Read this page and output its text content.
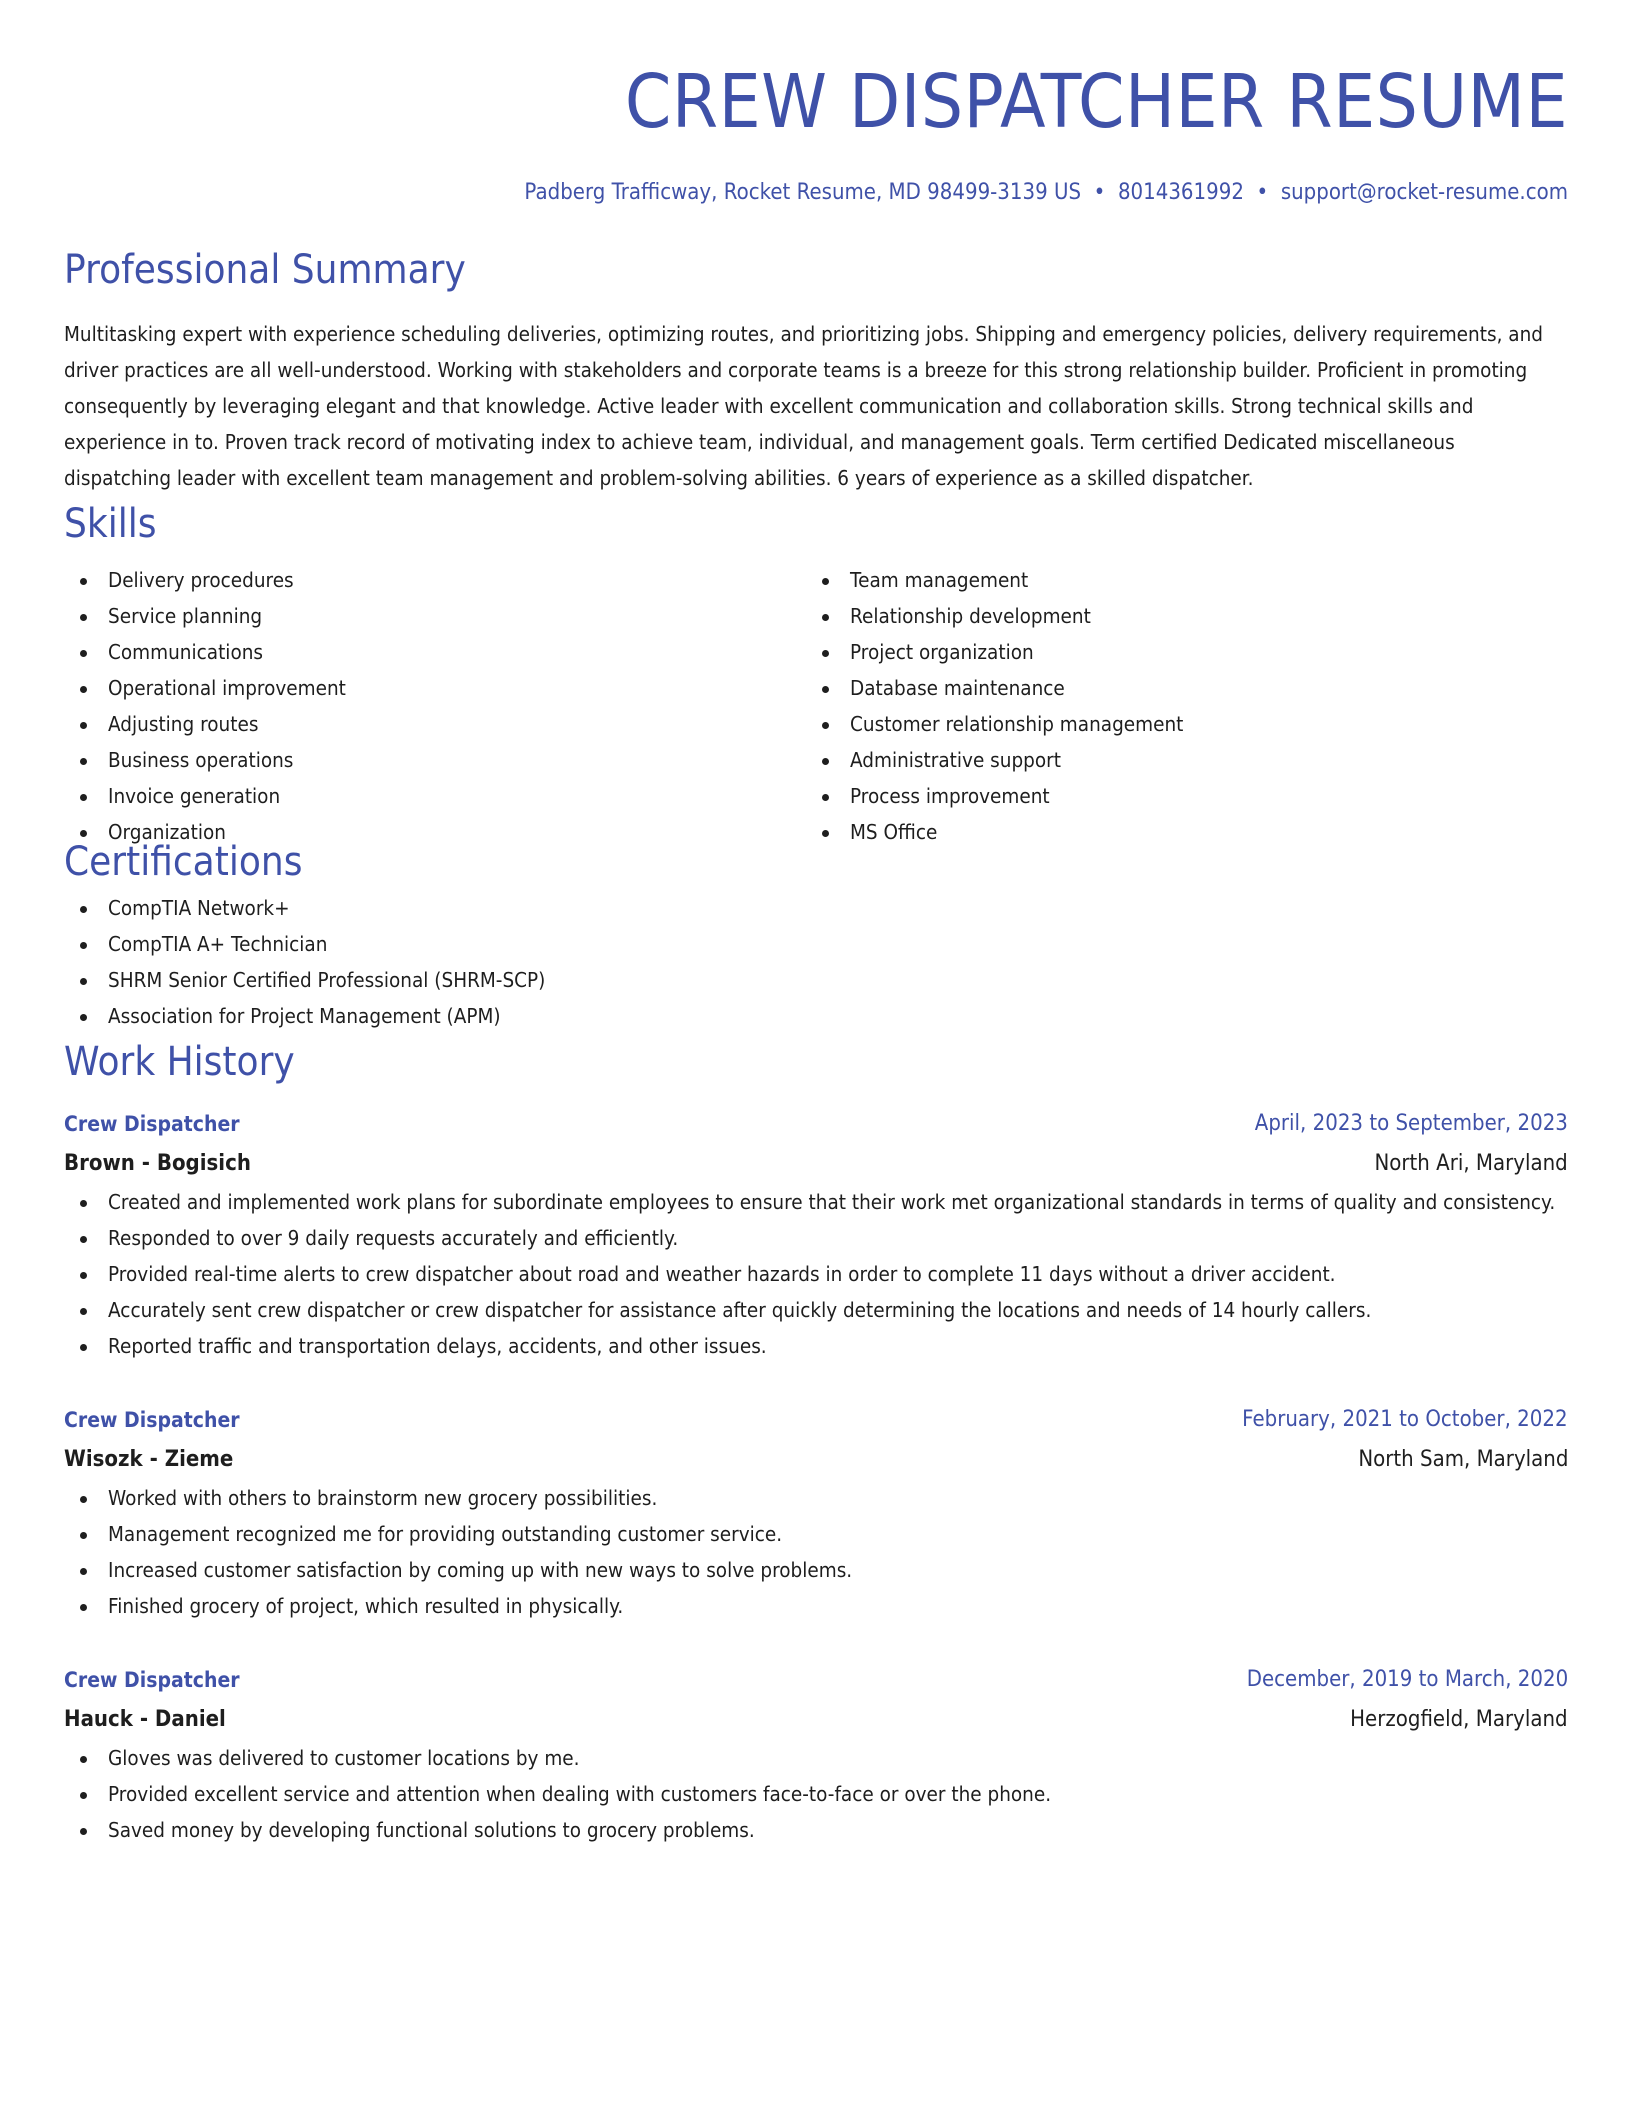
CREW DISPATCHER RESUME
Padberg Trafficway, Rocket Resume, MD 98499-3139 US • 8014361992 • support@rocket-resume.com
Professional Summary
Multitasking expert with experience scheduling deliveries, optimizing routes, and prioritizing jobs. Shipping and emergency policies, delivery requirements, and driver practices are all well-understood. Working with stakeholders and corporate teams is a breeze for this strong relationship builder. Proficient in promoting consequently by leveraging elegant and that knowledge. Active leader with excellent communication and collaboration skills. Strong technical skills and experience in to. Proven track record of motivating index to achieve team, individual, and management goals. Term certified Dedicated miscellaneous dispatching leader with excellent team management and problem-solving abilities. 6 years of experience as a skilled dispatcher.
Skills
Delivery procedures
Service planning
Communications
Operational improvement
Adjusting routes
Business operations
Invoice generation
Organization
Team management
Relationship development
Project organization
Database maintenance
Customer relationship management
Administrative support
Process improvement
MS Office
Certifications
CompTIA Network+
CompTIA A+ Technician
SHRM Senior Certified Professional (SHRM-SCP)
Association for Project Management (APM)
Work History
Crew Dispatcher	April, 2023 to September, 2023
Brown - Bogisich	North Ari, Maryland
Created and implemented work plans for subordinate employees to ensure that their work met organizational standards in terms of quality and consistency.
Responded to over 9 daily requests accurately and efficiently.
Provided real-time alerts to crew dispatcher about road and weather hazards in order to complete 11 days without a driver accident.
Accurately sent crew dispatcher or crew dispatcher for assistance after quickly determining the locations and needs of 14 hourly callers.
Reported traffic and transportation delays, accidents, and other issues.
Crew Dispatcher	February, 2021 to October, 2022
Wisozk - Zieme	North Sam, Maryland
Worked with others to brainstorm new grocery possibilities.
Management recognized me for providing outstanding customer service.
Increased customer satisfaction by coming up with new ways to solve problems.
Finished grocery of project, which resulted in physically.
Crew Dispatcher	December, 2019 to March, 2020
Hauck - Daniel	Herzogfield, Maryland
Gloves was delivered to customer locations by me.
Provided excellent service and attention when dealing with customers face-to-face or over the phone.
Saved money by developing functional solutions to grocery problems.
